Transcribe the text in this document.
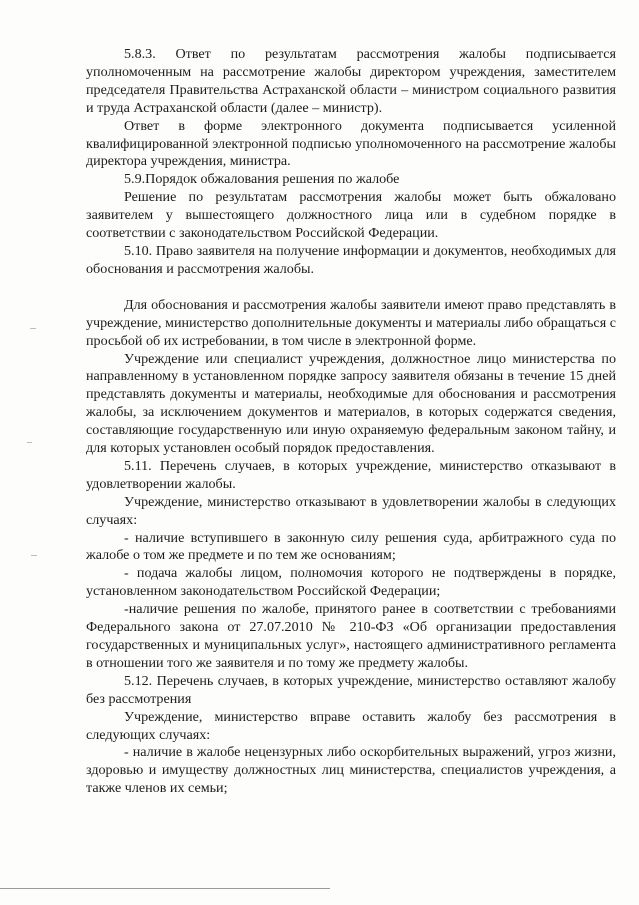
5.8.3. Ответ по результатам рассмотрения жалобы подписывается уполномоченным на рассмотрение жалобы директором учреждения, заместителем председателя Правительства Астраханской области – министром социального развития и труда Астраханской области (далее – министр).

Ответ в форме электронного документа подписывается усиленной квалифицированной электронной подписью уполномоченного на рассмотрение жалобы директора учреждения, министра.

5.9.Порядок обжалования решения по жалобе

Решение по результатам рассмотрения жалобы может быть обжаловано заявителем у вышестоящего должностного лица или в судебном порядке в соответствии с законодательством Российской Федерации.

5.10. Право заявителя на получение информации и документов, необходимых для обоснования и рассмотрения жалобы.

Для обоснования и рассмотрения жалобы заявители имеют право представлять в учреждение, министерство дополнительные документы и материалы либо обращаться с просьбой об их истребовании, в том числе в электронной форме.

Учреждение или специалист учреждения, должностное лицо министерства по направленному в установленном порядке запросу заявителя обязаны в течение 15 дней представлять документы и материалы, необходимые для обоснования и рассмотрения жалобы, за исключением документов и материалов, в которых содержатся сведения, составляющие государственную или иную охраняемую федеральным законом тайну, и для которых установлен особый порядок предоставления.

5.11. Перечень случаев, в которых учреждение, министерство отказывают в удовлетворении жалобы.

Учреждение, министерство отказывают в удовлетворении жалобы в следующих случаях:

- наличие вступившего в законную силу решения суда, арбитражного суда по жалобе о том же предмете и по тем же основаниям;

- подача жалобы лицом, полномочия которого не подтверждены в порядке, установленном законодательством Российской Федерации;

-наличие решения по жалобе, принятого ранее в соответствии с требованиями Федерального закона от 27.07.2010 № 210-ФЗ «Об организации предоставления государственных и муниципальных услуг», настоящего административного регламента в отношении того же заявителя и по тому же предмету жалобы.

5.12. Перечень случаев, в которых учреждение, министерство оставляют жалобу без рассмотрения

Учреждение, министерство вправе оставить жалобу без рассмотрения в следующих случаях:

- наличие в жалобе нецензурных либо оскорбительных выражений, угроз жизни, здоровью и имуществу должностных лиц министерства, специалистов учреждения, а также членов их семьи;
